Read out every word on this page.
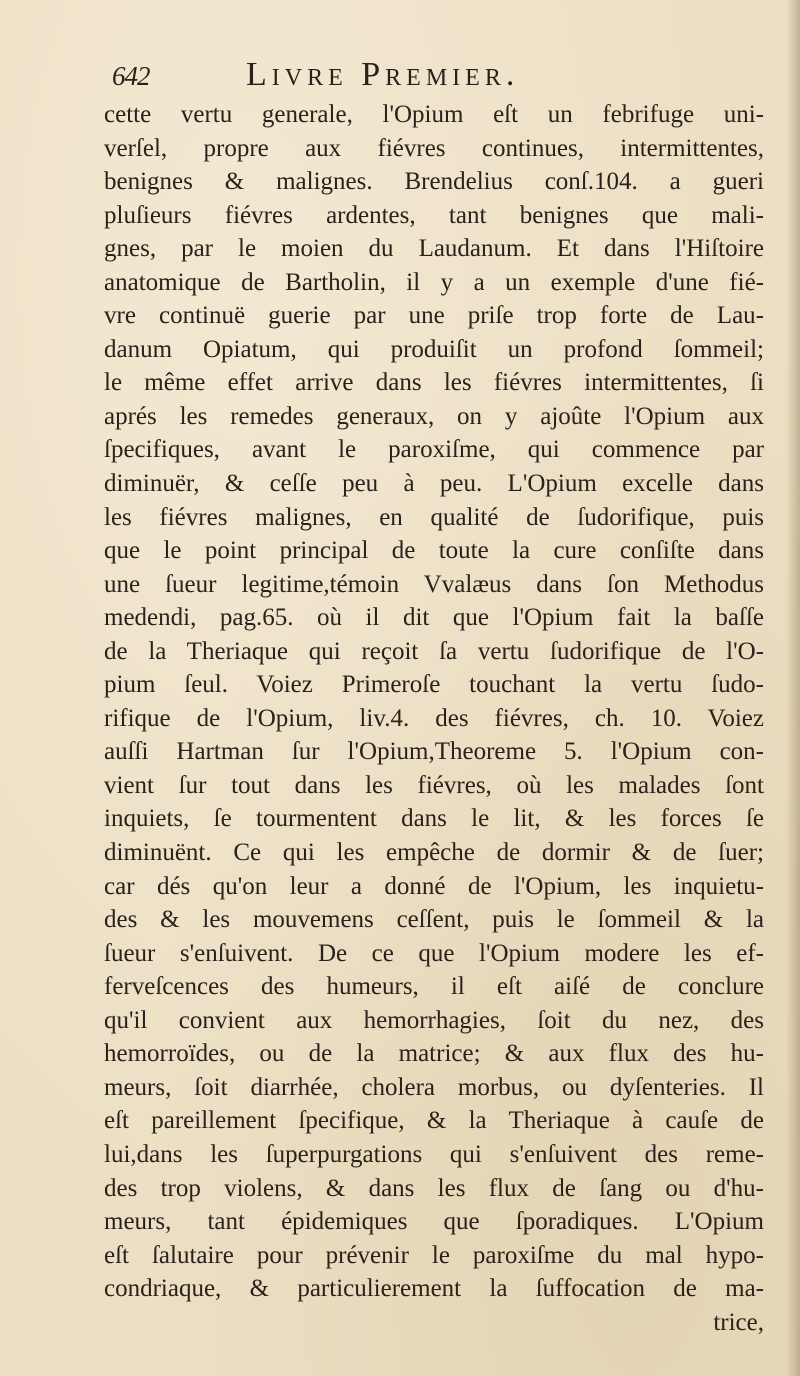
642	Livre Premier.
cette vertu generale, l'Opium eſt un febrifuge uni-
verſel, propre aux fiévres continues, intermittentes,
benignes & malignes. Brendelius conſ.104. a gueri
pluſieurs fiévres ardentes, tant benignes que mali-
gnes, par le moien du Laudanum. Et dans l'Hiſtoire
anatomique de Bartholin, il y a un exemple d'une fié-
vre continuë guerie par une priſe trop forte de Lau-
danum Opiatum, qui produiſit un profond ſommeil;
le même effet arrive dans les fiévres intermittentes, ſi
aprés les remedes generaux, on y ajoûte l'Opium aux
ſpecifiques, avant le paroxiſme, qui commence par
diminuër, & ceſſe peu à peu. L'Opium excelle dans
les fiévres malignes, en qualité de ſudorifique, puis
que le point principal de toute la cure conſiſte dans
une ſueur legitime,témoin Vvalæus dans ſon Methodus
medendi, pag.65. où il dit que l'Opium fait la baſſe
de la Theriaque qui reçoit ſa vertu ſudorifique de l'O-
pium ſeul. Voiez Primeroſe touchant la vertu ſudo-
rifique de l'Opium, liv.4. des fiévres, ch. 10. Voiez
auſſi Hartman ſur l'Opium,Theoreme 5. l'Opium con-
vient ſur tout dans les fiévres, où les malades ſont
inquiets, ſe tourmentent dans le lit, & les forces ſe
diminuënt. Ce qui les empêche de dormir & de ſuer;
car dés qu'on leur a donné de l'Opium, les inquietu-
des & les mouvemens ceſſent, puis le ſommeil & la
ſueur s'enſuivent. De ce que l'Opium modere les ef-
ferveſcences des humeurs, il eſt aiſé de conclure
qu'il convient aux hemorrhagies, ſoit du nez, des
hemorroïdes, ou de la matrice; & aux flux des hu-
meurs, ſoit diarrhée, cholera morbus, ou dyſenteries. Il
eſt pareillement ſpecifique, & la Theriaque à cauſe de
lui,dans les ſuperpurgations qui s'enſuivent des reme-
des trop violens, & dans les flux de ſang ou d'hu-
meurs, tant épidemiques que ſporadiques. L'Opium
eſt ſalutaire pour prévenir le paroxiſme du mal hypo-
condriaque, & particulierement la ſuffocation de ma-
trice,
